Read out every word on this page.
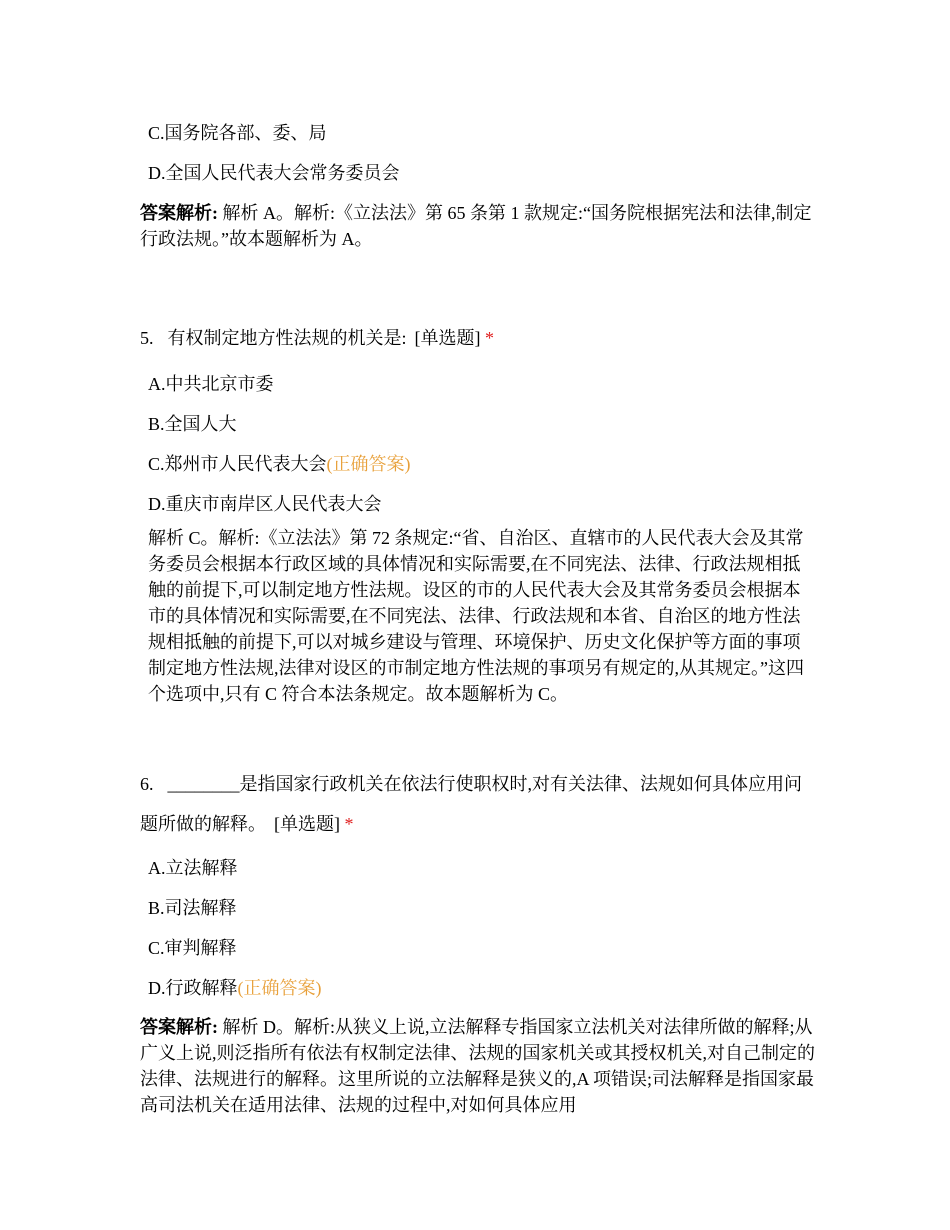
C.国务院各部、委、局
D.全国人民代表大会常务委员会
答案解析: 解析 A。解析:《立法法》第 65 条第 1 款规定:“国务院根据宪法和法律,制定行政法规。”故本题解析为 A。
5. 有权制定地方性法规的机关是: [单选题] *
A.中共北京市委
B.全国人大
C.郑州市人民代表大会(正确答案)
D.重庆市南岸区人民代表大会
解析 C。解析:《立法法》第 72 条规定:“省、自治区、直辖市的人民代表大会及其常务委员会根据本行政区域的具体情况和实际需要,在不同宪法、法律、行政法规相抵触的前提下,可以制定地方性法规。设区的市的人民代表大会及其常务委员会根据本市的具体情况和实际需要,在不同宪法、法律、行政法规和本省、自治区的地方性法规相抵触的前提下,可以对城乡建设与管理、环境保护、历史文化保护等方面的事项制定地方性法规,法律对设区的市制定地方性法规的事项另有规定的,从其规定。”这四个选项中,只有 C 符合本法条规定。故本题解析为 C。
6. ________是指国家行政机关在依法行使职权时,对有关法律、法规如何具体应用问题所做的解释。 [单选题] *
A.立法解释
B.司法解释
C.审判解释
D.行政解释(正确答案)
答案解析: 解析 D。解析:从狭义上说,立法解释专指国家立法机关对法律所做的解释;从广义上说,则泛指所有依法有权制定法律、法规的国家机关或其授权机关,对自己制定的法律、法规进行的解释。这里所说的立法解释是狭义的,A 项错误;司法解释是指国家最高司法机关在适用法律、法规的过程中,对如何具体应用
